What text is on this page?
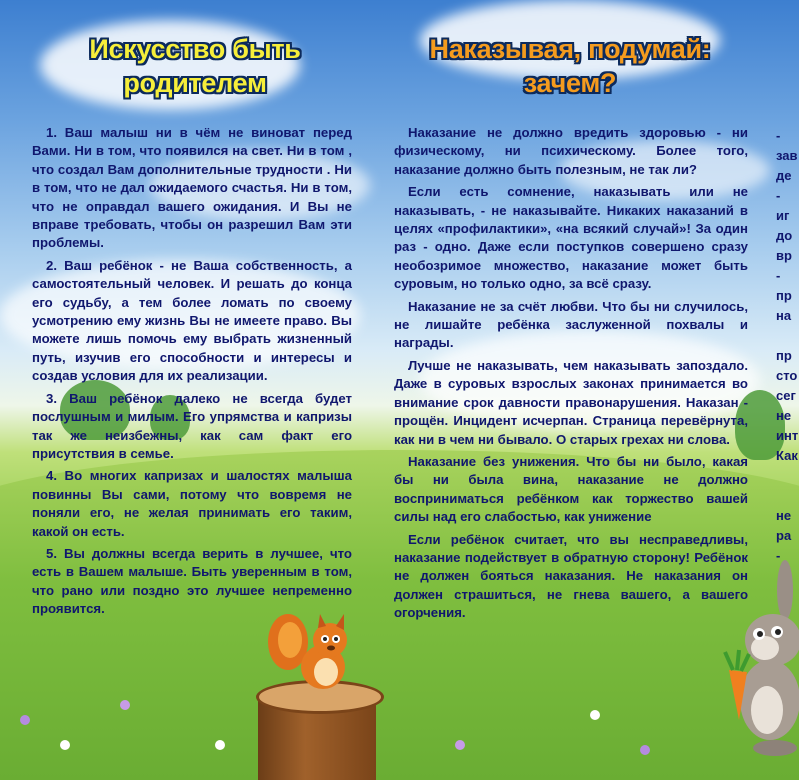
Искусство быть
родителем
Наказывая, подумай:
зачем?

1. Ваш малыш ни в чём не виноват перед Вами. Ни в том, что появился на свет. Ни в том , что создал Вам дополнительные трудности . Ни в том, что не дал ожидаемого счастья. Ни в том, что не оправдал вашего ожидания. И Вы не вправе требовать, чтобы он разрешил Вам эти проблемы.

2. Ваш ребёнок - не Ваша собственность, а самостоятельный человек. И решать до конца его судьбу, а тем более ломать по своему усмотрению ему жизнь Вы не имеете право. Вы можете лишь помочь ему выбрать жизненный путь, изучив его способности и интересы и создав условия для их реализации.

3. Ваш ребёнок далеко не всегда будет послушным и милым. Его упрямства и капризы так же неизбежны, как сам факт его присутствия в семье.

4. Во многих капризах и шалостях малыша повинны Вы сами, потому что вовремя не поняли его, не желая принимать его таким, какой он есть.

5. Вы должны всегда верить в лучшее, что есть в Вашем малыше. Быть уверенным в том, что рано или поздно это лучшее непременно проявится.

Наказание не должно вредить здоровью - ни физическому, ни психическому. Более того, наказание должно быть полезным, не так ли?

Если есть сомнение, наказывать или не наказывать, - не наказывайте. Никаких наказаний в целях «профилактики», «на всякий случай»! За один раз - одно. Даже если поступков совершено сразу необозримое множество, наказание может быть суровым, но только одно, за всё сразу.

Наказание не за счёт любви. Что бы ни случилось, не лишайте ребёнка заслуженной похвалы и награды.

Лучше не наказывать, чем наказывать запоздало. Даже в суровых взрослых законах принимается во внимание срок давности правонарушения. Наказан - прощён. Инцидент исчерпан. Страница перевёрнута, как ни в чем ни бывало. О старых грехах ни слова.

Наказание без унижения. Что бы ни было, какая бы ни была вина, наказание не должно восприниматься ребёнком как торжество вашей силы над его слабостью, как унижение

Если ребёнок считает, что вы несправедливы, наказание подействует в обратную сторону! Ребёнок не должен бояться наказания. Не наказания он должен страшиться, не гнева вашего, а вашего огорчения.

-
зав
де
-
иг
до
вр
-
пр
на

пр
сто
сег
не
инт
Как

не
ра
-
